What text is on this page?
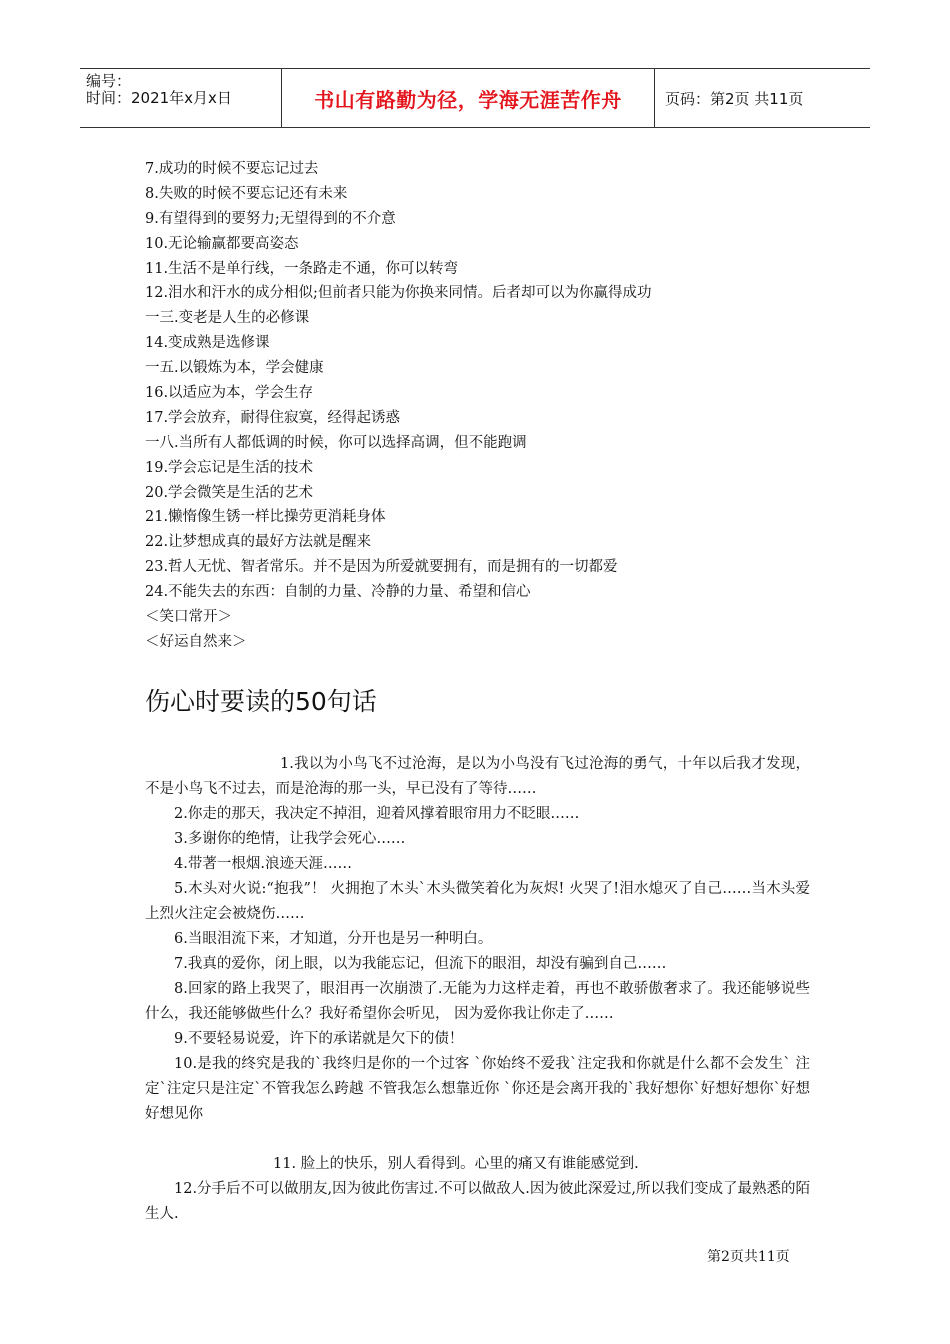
编号：
时间：2021年x月x日	书山有路勤为径，学海无涯苦作舟	页码：第2页 共11页
7.成功的时候不要忘记过去
8.失败的时候不要忘记还有未来
9.有望得到的要努力;无望得到的不介意
10.无论输赢都要高姿态
11.生活不是单行线，一条路走不通，你可以转弯
12.泪水和汗水的成分相似;但前者只能为你换来同情。后者却可以为你赢得成功
一三.变老是人生的必修课
14.变成熟是选修课
一五.以锻炼为本，学会健康
16.以适应为本，学会生存
17.学会放弃，耐得住寂寞，经得起诱惑
一八.当所有人都低调的时候，你可以选择高调，但不能跑调
19.学会忘记是生活的技术
20.学会微笑是生活的艺术
21.懒惰像生锈一样比操劳更消耗身体
22.让梦想成真的最好方法就是醒来
23.哲人无忧、智者常乐。并不是因为所爱就要拥有，而是拥有的一切都爱
24.不能失去的东西：自制的力量、冷静的力量、希望和信心
＜笑口常开＞
＜好运自然来＞
伤心时要读的50句话

1.我以为小鸟飞不过沧海，是以为小鸟没有飞过沧海的勇气，十年以后我才发现，不是小鸟飞不过去，而是沧海的那一头，早已没有了等待……

2.你走的那天，我决定不掉泪，迎着风撑着眼帘用力不眨眼……

3.多谢你的绝情，让我学会死心……

4.带著一根烟.浪迹天涯……

5.木头对火说:“抱我”！ 火拥抱了木头`木头微笑着化为灰烬! 火哭了!泪水熄灭了自己……当木头爱上烈火注定会被烧伤……

6.当眼泪流下来，才知道，分开也是另一种明白。

7.我真的爱你，闭上眼，以为我能忘记，但流下的眼泪，却没有骗到自己……

8.回家的路上我哭了，眼泪再一次崩溃了.无能为力这样走着，再也不敢骄傲奢求了。我还能够说些什么，我还能够做些什么？我好希望你会听见， 因为爱你我让你走了……

9.不要轻易说爱，许下的承诺就是欠下的债！

10.是我的终究是我的`我终归是你的一个过客 `你始终不爱我`注定我和你就是什么都不会发生` 注定`注定只是注定`不管我怎么跨越 不管我怎么想靠近你 `你还是会离开我的`我好想你`好想好想你`好想好想见你

11. 脸上的快乐，别人看得到。心里的痛又有谁能感觉到.

12.分手后不可以做朋友,因为彼此伤害过.不可以做敌人.因为彼此深爱过,所以我们变成了最熟悉的陌生人.

第2页共11页
